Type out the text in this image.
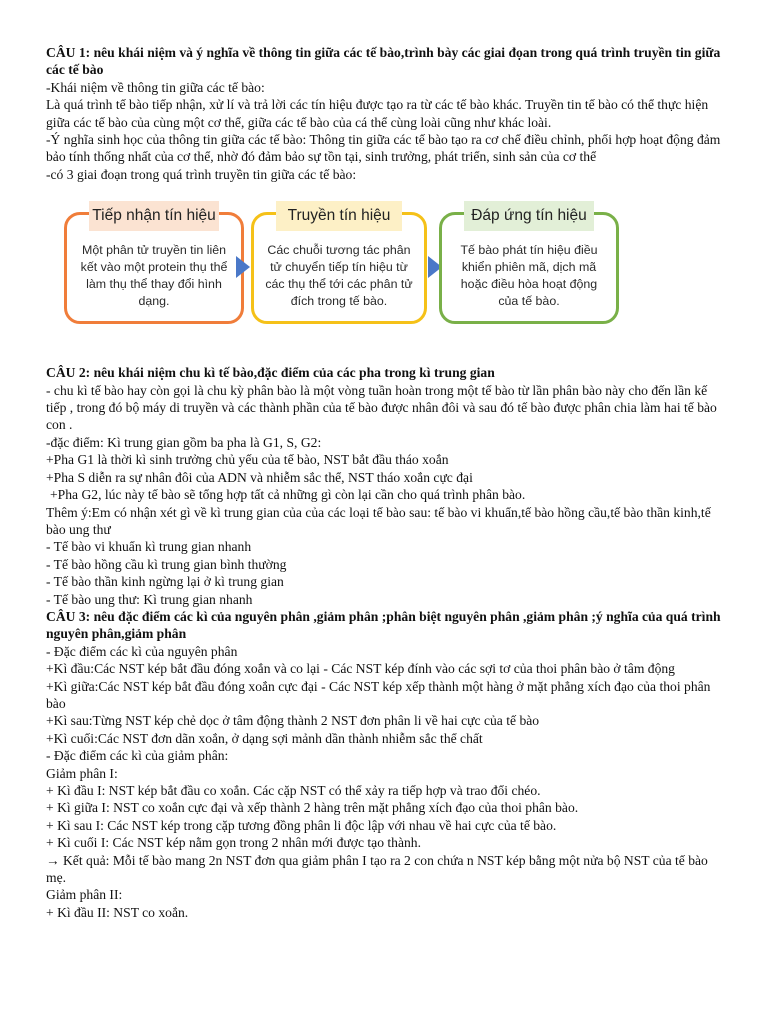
CÂU 1: nêu khái niệm và ý nghĩa về thông tin giữa các tế bào,trình bày các giai đọan trong quá trình truyền tin giữa các tế bào
-Khái niệm về thông tin giữa các tế bào:
Là quá trình tế bào tiếp nhận, xử lí và trả lời các tín hiệu được tạo ra từ các tế bào khác. Truyền tin tế bào có thể thực hiện giữa các tế bào của cùng một cơ thể, giữa các tế bào của cá thể cùng loài cũng như khác loài.
-Ý nghĩa sinh học của thông tin giữa các tế bào: Thông tin giữa các tế bào tạo ra cơ chế điều chỉnh, phối hợp hoạt động đảm bảo tính thống nhất của cơ thể, nhờ đó đảm bảo sự tồn tại, sinh trưởng, phát triển, sinh sản của cơ thể
-có 3 giai đoạn trong quá trình truyền tin giữa các tế bào:
Tiếp nhận tín hiệu
Một phân tử truyền tin liên kết vào một protein thụ thể làm thụ thể thay đổi hình dạng.
Truyền tín hiệu
Các chuỗi tương tác phân tử chuyển tiếp tín hiệu từ các thụ thể tới các phân tử đích trong tế bào.
Đáp ứng tín hiệu
Tế bào phát tín hiệu điều khiển phiên mã, dịch mã hoặc điều hòa hoạt động của tế bào.
CÂU 2: nêu khái niệm chu kì tế bào,đặc điểm của các pha trong kì trung gian
- chu kì tế bào hay còn gọi là chu kỳ phân bào là một vòng tuần hoàn trong một tế bào từ lần phân bào này cho đến lần kế tiếp , trong đó bộ máy di truyền và các thành phần của tế bào được nhân đôi và sau đó tế bào được phân chia làm hai tế bào con .
-đặc điểm: Kì trung gian gồm ba pha là G1, S, G2:
+Pha G1 là thời kì sinh trưởng chủ yếu của tế bào, NST bắt đầu tháo xoắn
+Pha S diễn ra sự nhân đôi của ADN và nhiễm sắc thể, NST tháo xoắn cực đại
+Pha G2, lúc này tế bào sẽ tổng hợp tất cả những gì còn lại cần cho quá trình phân bào.
Thêm ý:Em có nhận xét gì về kì trung gian của của các loại tế bào sau: tế bào vi khuẩn,tế bào hồng cầu,tế bào thần kinh,tế bào ung thư
- Tế bào vi khuẩn kì trung gian nhanh
- Tế bào hồng cầu kì trung gian bình thường
- Tế bào thần kinh ngừng lại ở kì trung gian
- Tế bào ung thư: Kì trung gian nhanh
CÂU 3: nêu đặc điểm các kì của nguyên phân ,giảm phân ;phân biệt nguyên phân ,giảm phân ;ý nghĩa của quá trình nguyên phân,giảm phân
- Đặc điểm các kì của nguyên phân
+Kì đầu:Các NST kép bắt đầu đóng xoắn và co lại - Các NST kép đính vào các sợi tơ của thoi phân bào ở tâm động
+Kì giữa:Các NST kép bắt đầu đóng xoắn cực đại - Các NST kép xếp thành một hàng ở mặt phẳng xích đạo của thoi phân bào
+Kì sau:Từng NST kép chẻ dọc ở tâm động thành 2 NST đơn phân li về hai cực của tế bào
+Kì cuối:Các NST đơn dãn xoắn, ở dạng sợi mảnh dần thành nhiễm sắc thể chất
- Đặc điểm các kì của giảm phân:
Giảm phân I:
+ Kì đầu I: NST kép bắt đầu co xoắn. Các cặp NST có thể xảy ra tiếp hợp và trao đổi chéo.
+ Kì giữa I: NST co xoắn cực đại và xếp thành 2 hàng trên mặt phẳng xích đạo của thoi phân bào.
+ Kì sau I: Các NST kép trong cặp tương đồng phân li độc lập với nhau về hai cực của tế bào.
+ Kì cuối I: Các NST kép nằm gọn trong 2 nhân mới được tạo thành.
→ Kết quả: Mỗi tế bào mang 2n NST đơn qua giảm phân I tạo ra 2 con chứa n NST kép bằng một nửa bộ NST của tế bào mẹ.
Giảm phân II:
+ Kì đầu II: NST co xoắn.
